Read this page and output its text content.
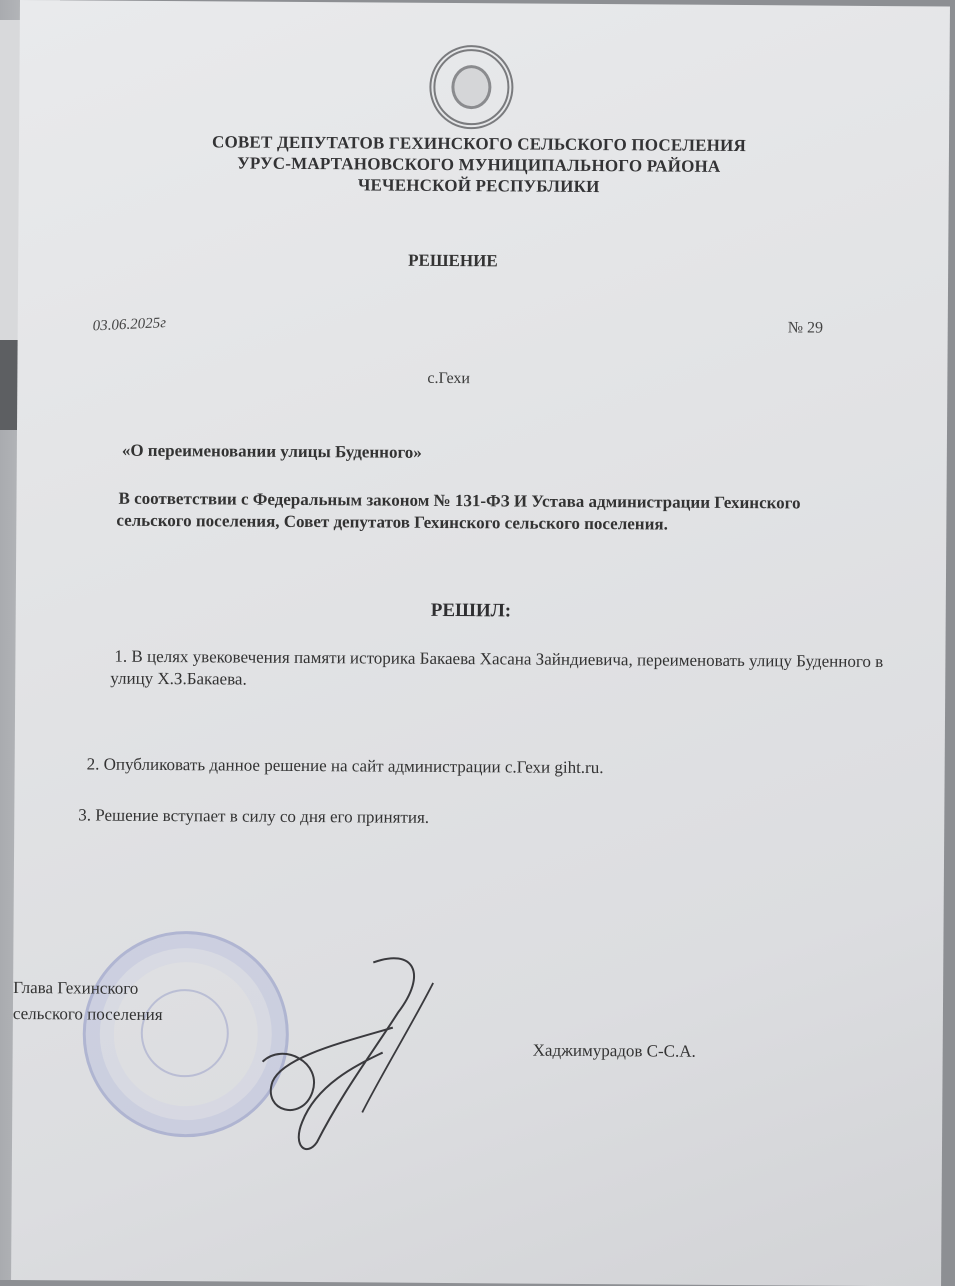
СОВЕТ ДЕПУТАТОВ ГЕХИНСКОГО СЕЛЬСКОГО ПОСЕЛЕНИЯ
УРУС-МАРТАНОВСКОГО МУНИЦИПАЛЬНОГО РАЙОНА
ЧЕЧЕНСКОЙ РЕСПУБЛИКИ
РЕШЕНИЕ
03.06.2025г	№ 29
с.Гехи
«О переименовании улицы Буденного»
В соответствии с Федеральным законом № 131-ФЗ И Устава администрации Гехинского сельского поселения, Совет депутатов Гехинского сельского поселения.
РЕШИЛ:
1. В целях увековечения памяти историка Бакаева Хасана Зайндиевича, переименовать улицу Буденного в улицу Х.З.Бакаева.
2. Опубликовать данное решение на сайт администрации с.Гехи giht.ru.
3. Решение вступает в силу со дня его принятия.
Глава Гехинского
сельского поселения
Хаджимурадов С-С.А.
